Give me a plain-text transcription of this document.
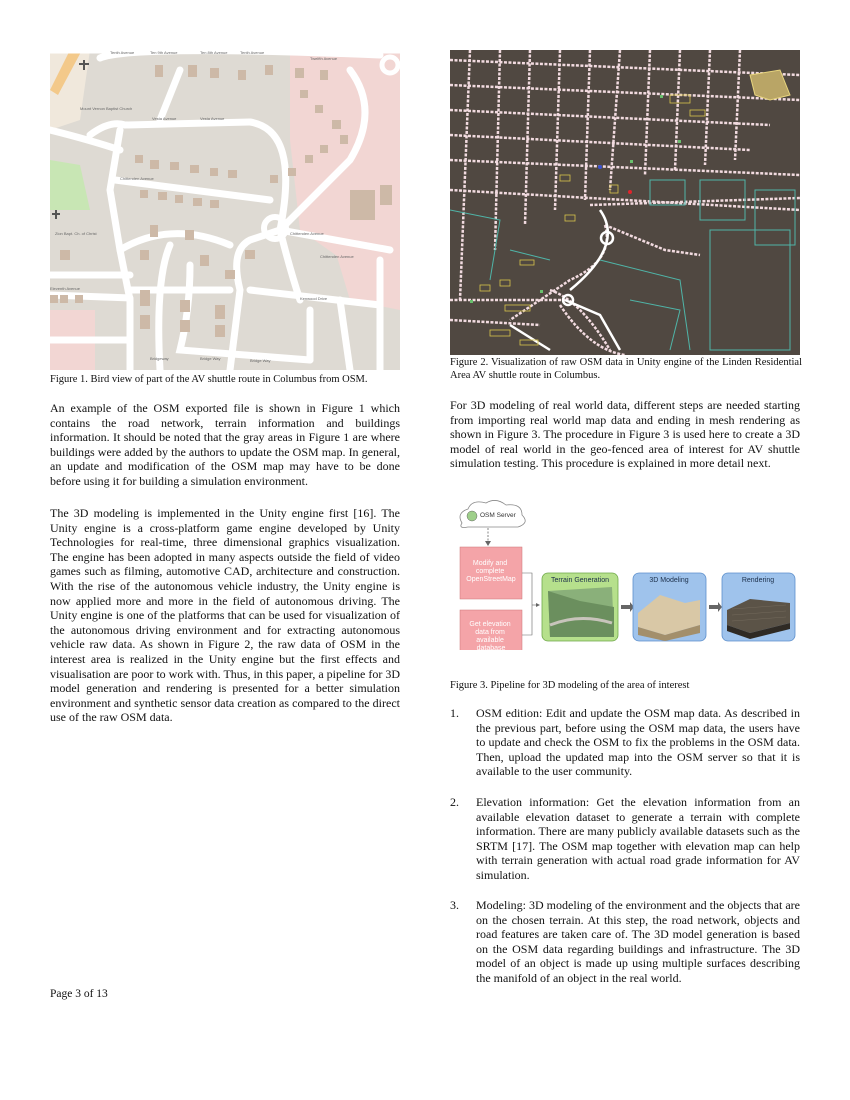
Tenth Avenue	Ten 9th Avenue	Ten 8th Avenue	Tenth Avenue
Twelfth Avenue
Vesta Avenue	Vesta Avenue
Chittenden Avenue
Chittenden Avenue
Chittenden Avenue
Kenwood Drive
Bridgeway	Bridge Way	Bridge Way
Eleventh Avenue
Mount Vernon Baptist Church
Zion Bapt. Ch. of Christ

Figure 1. Bird view of part of the AV shuttle route in Columbus from OSM.

Figure 2. Visualization of raw OSM data in Unity engine of the Linden Residential Area AV shuttle route in Columbus.

An example of the OSM exported file is shown in Figure 1 which contains the road network, terrain information and buildings information. It should be noted that the gray areas in Figure 1 are where buildings were added by the authors to update the OSM map. In general, an update and modification of the OSM map may have to be done before using it for building a simulation environment.

The 3D modeling is implemented in the Unity engine first [16]. The Unity engine is a cross-platform game engine developed by Unity Technologies for real-time, three dimensional graphics visualization. The engine has been adopted in many aspects outside the field of video games such as filming, automotive CAD, architecture and construction. With the rise of the autonomous vehicle industry, the Unity engine is now applied more and more in the field of autonomous driving. The Unity engine is one of the platforms that can be used for visualization of the autonomous driving environment and for extracting autonomous vehicle raw data. As shown in Figure 2, the raw data of OSM in the interest area is realized in the Unity engine but the first effects and visualisation are poor to work with. Thus, in this paper, a pipeline for 3D model generation and rendering is presented for a better simulation environment and synthetic sensor data creation as compared to the direct use of the raw OSM data.

For 3D modeling of real world data, different steps are needed starting from importing real world map data and ending in mesh rendering as shown in Figure 3. The procedure in Figure 3 is used here to create a 3D model of real world in the geo-fenced area of interest for AV shuttle simulation testing. This procedure is explained in more detail next.

OSM Server
Modify and complete OpenStreetMap
Get elevation data from available database
Terrain Generation	3D Modeling	Rendering

Figure 3. Pipeline for 3D modeling of the area of interest

1. OSM edition: Edit and update the OSM map data. As described in the previous part, before using the OSM map data, the users have to update and check the OSM to fix the problems in the OSM data. Then, upload the updated map into the OSM server so that it is available to the user community.
2. Elevation information: Get the elevation information from an available elevation dataset to generate a terrain with complete information. There are many publicly available datasets such as the SRTM [17]. The OSM map together with elevation map can help with terrain generation with actual road grade information for AV simulation.
3. Modeling: 3D modeling of the environment and the objects that are on the chosen terrain. At this step, the road network, objects and road features are taken care of. The 3D model generation is based on the OSM data regarding buildings and infrastructure. The 3D model of an object is made up using multiple surfaces describing the manifold of an object in the real world.
Page 3 of 13
